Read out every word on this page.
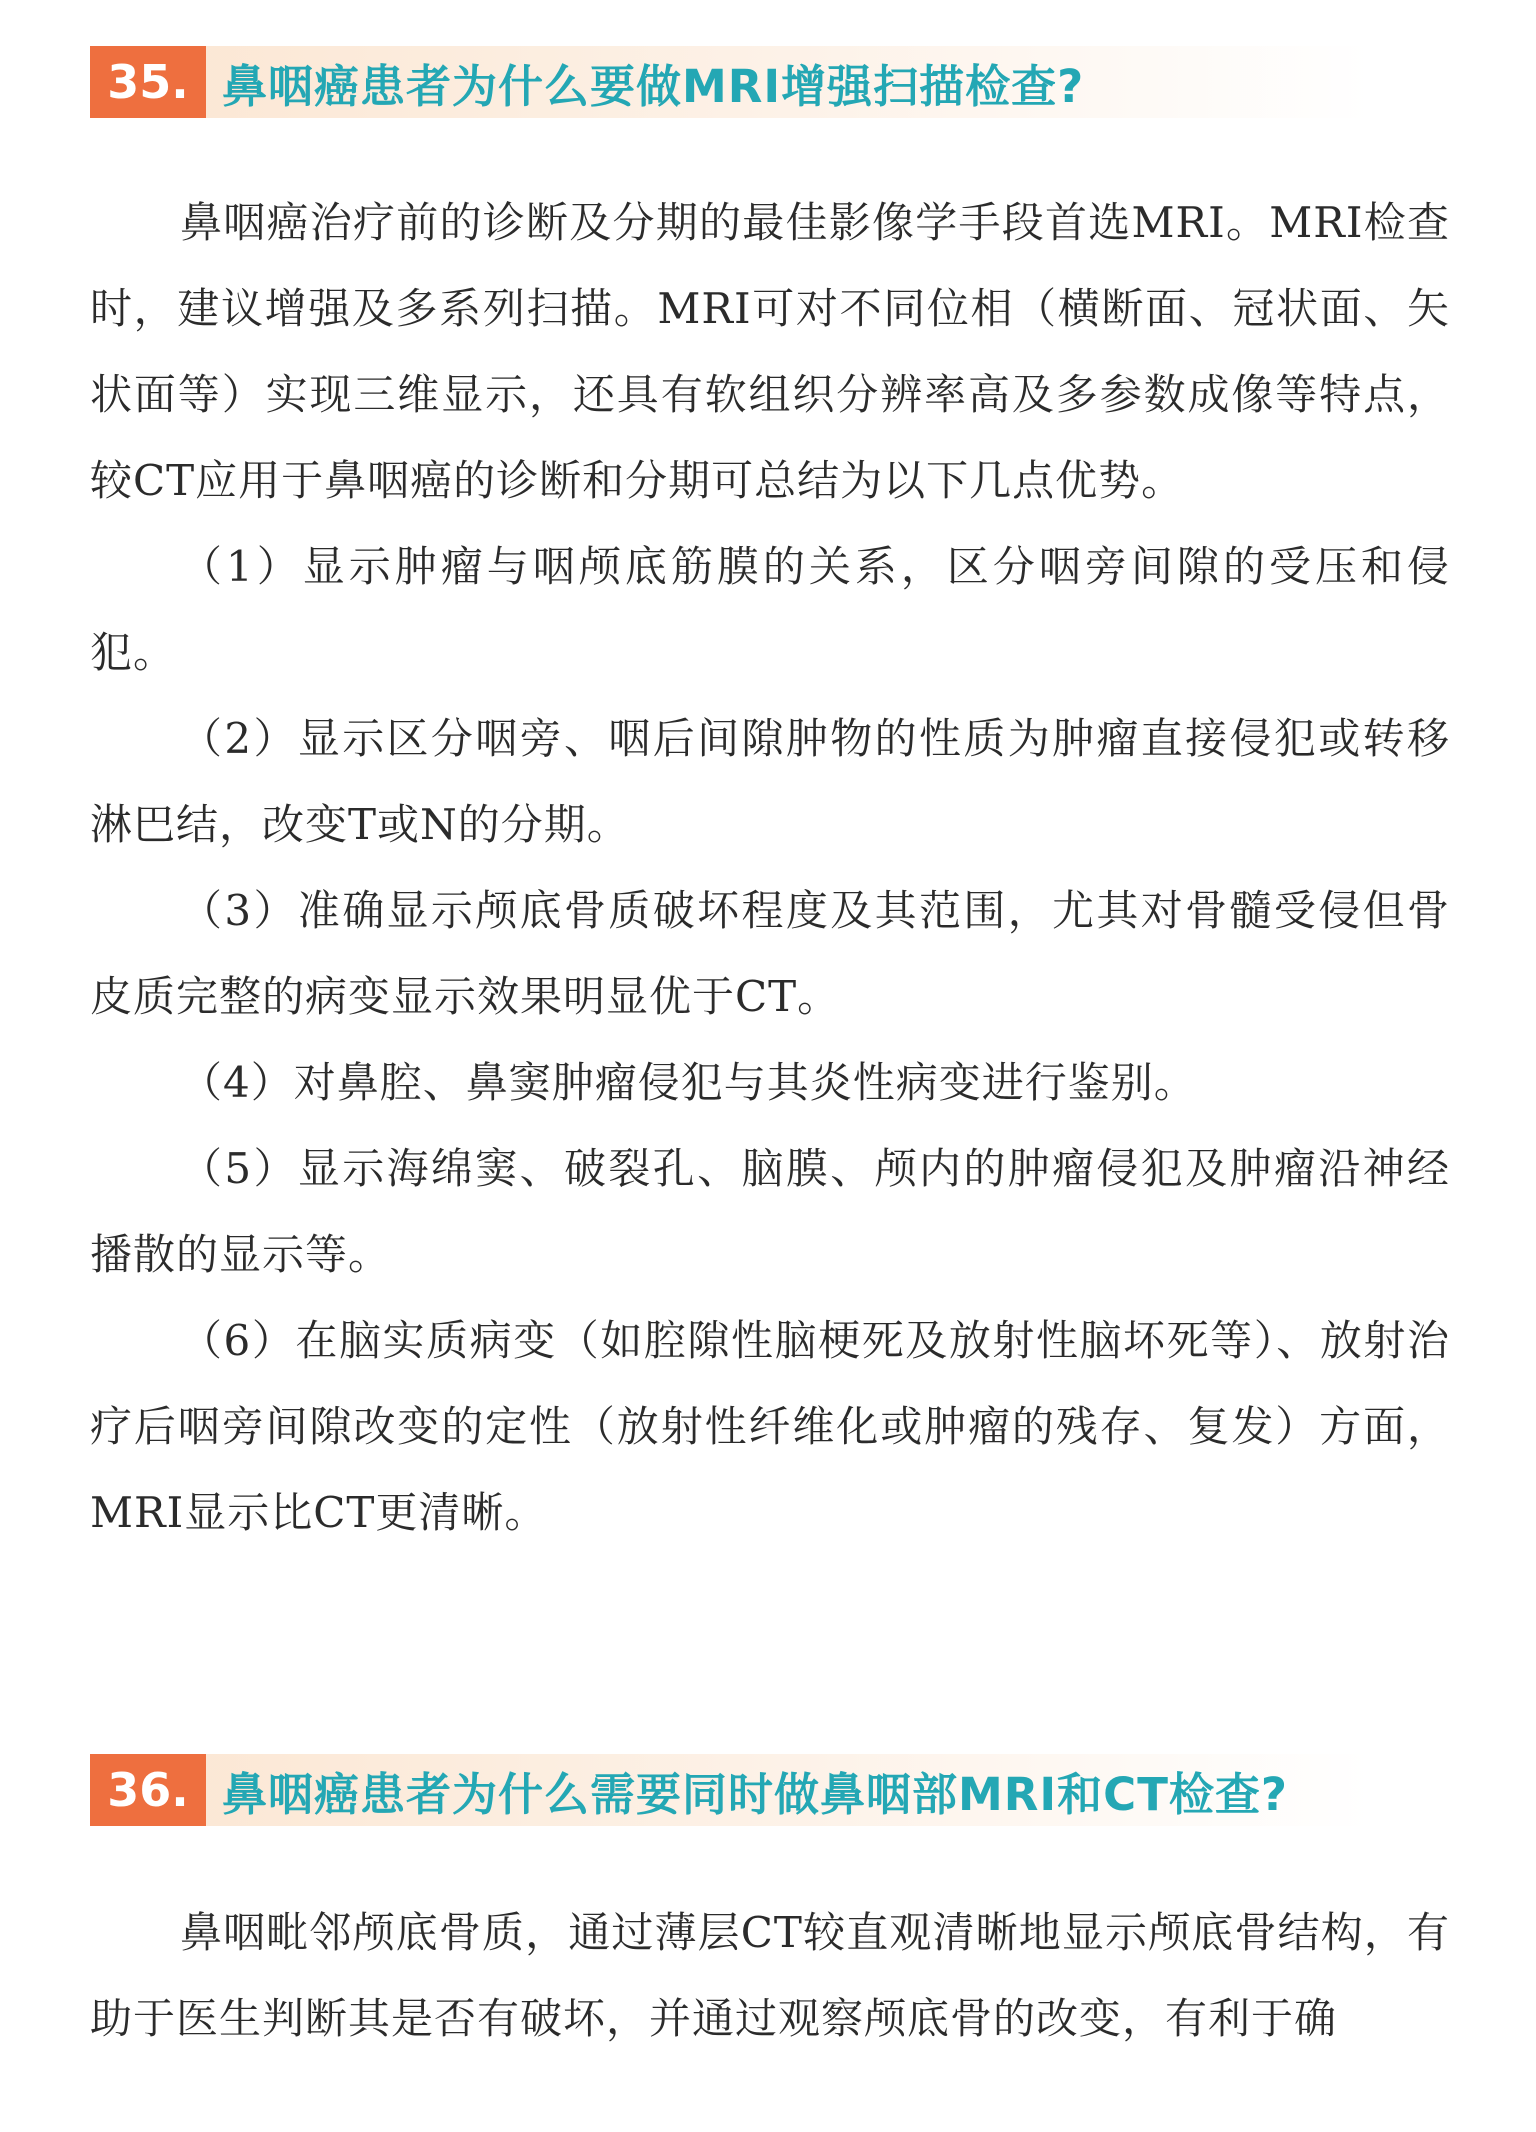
35. 鼻咽癌患者为什么要做MRI增强扫描检查?

鼻咽癌治疗前的诊断及分期的最佳影像学手段首选MRI。MRI检查时，建议增强及多系列扫描。MRI可对不同位相（横断面、冠状面、矢状面等）实现三维显示，还具有软组织分辨率高及多参数成像等特点，较CT应用于鼻咽癌的诊断和分期可总结为以下几点优势。

（1）显示肿瘤与咽颅底筋膜的关系，区分咽旁间隙的受压和侵犯。

（2）显示区分咽旁、咽后间隙肿物的性质为肿瘤直接侵犯或转移淋巴结，改变T或N的分期。

（3）准确显示颅底骨质破坏程度及其范围，尤其对骨髓受侵但骨皮质完整的病变显示效果明显优于CT。

（4）对鼻腔、鼻窦肿瘤侵犯与其炎性病变进行鉴别。

（5）显示海绵窦、破裂孔、脑膜、颅内的肿瘤侵犯及肿瘤沿神经播散的显示等。

（6）在脑实质病变（如腔隙性脑梗死及放射性脑坏死等）、放射治疗后咽旁间隙改变的定性（放射性纤维化或肿瘤的残存、复发）方面，MRI显示比CT更清晰。

36. 鼻咽癌患者为什么需要同时做鼻咽部MRI和CT检查?

鼻咽毗邻颅底骨质，通过薄层CT较直观清晰地显示颅底骨结构，有助于医生判断其是否有破坏，并通过观察颅底骨的改变，有利于确
